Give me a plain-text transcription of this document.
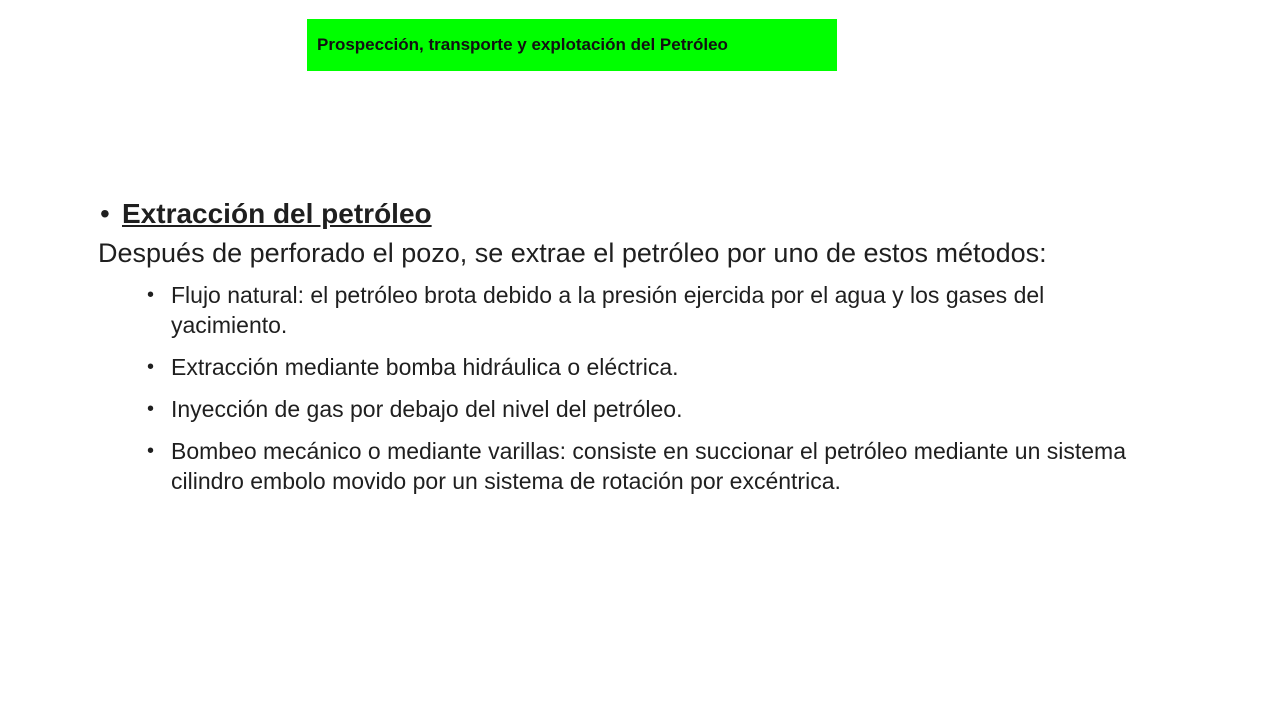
Prospección, transporte y explotación del Petróleo
• Extracción del petróleo
Después de perforado el pozo, se extrae el petróleo por uno de estos métodos:
• Flujo natural: el petróleo brota debido a la presión ejercida por el agua y los gases del yacimiento.
• Extracción mediante bomba hidráulica o eléctrica.
• Inyección de gas por debajo del nivel del petróleo.
• Bombeo mecánico o mediante varillas: consiste en succionar el petróleo mediante un sistema cilindro embolo movido por un sistema de rotación por excéntrica.
